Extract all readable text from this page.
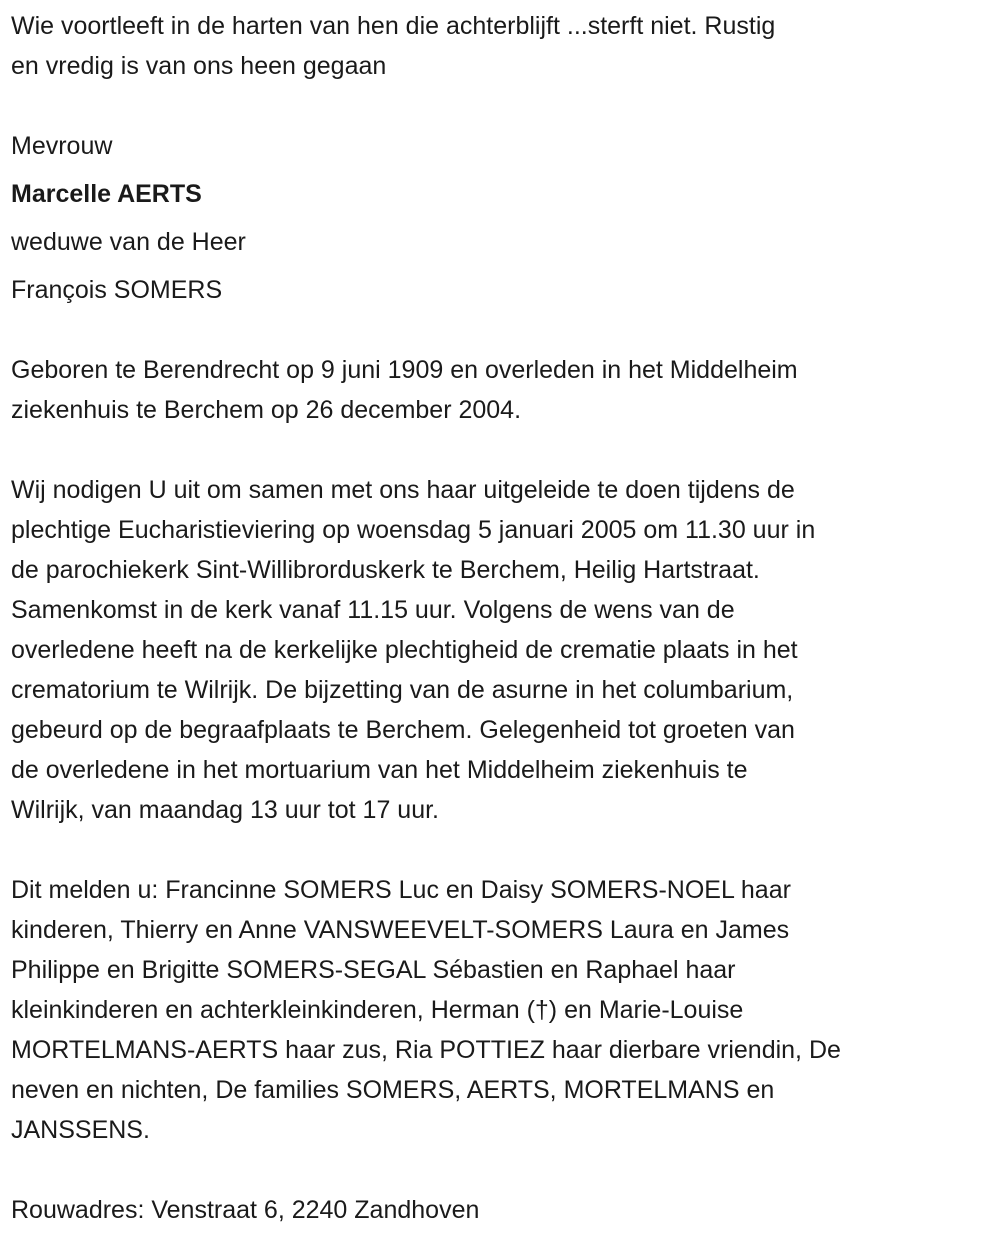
Wie voortleeft in de harten van hen die achterblijft ...sterft niet. Rustig
en vredig is van ons heen gegaan
Mevrouw
Marcelle AERTS
weduwe van de Heer
François SOMERS
Geboren te Berendrecht op 9 juni 1909 en overleden in het Middelheim
ziekenhuis te Berchem op 26 december 2004.
Wij nodigen U uit om samen met ons haar uitgeleide te doen tijdens de
plechtige Eucharistieviering op woensdag 5 januari 2005 om 11.30 uur in
de parochiekerk Sint-Willibrorduskerk te Berchem, Heilig Hartstraat.
Samenkomst in de kerk vanaf 11.15 uur. Volgens de wens van de
overledene heeft na de kerkelijke plechtigheid de crematie plaats in het
crematorium te Wilrijk. De bijzetting van de asurne in het columbarium,
gebeurd op de begraafplaats te Berchem. Gelegenheid tot groeten van
de overledene in het mortuarium van het Middelheim ziekenhuis te
Wilrijk, van maandag 13 uur tot 17 uur.
Dit melden u: Francinne SOMERS Luc en Daisy SOMERS-NOEL haar
kinderen, Thierry en Anne VANSWEEVELT-SOMERS Laura en James
Philippe en Brigitte SOMERS-SEGAL Sébastien en Raphael haar
kleinkinderen en achterkleinkinderen, Herman (†) en Marie-Louise
MORTELMANS-AERTS haar zus, Ria POTTIEZ haar dierbare vriendin, De
neven en nichten, De families SOMERS, AERTS, MORTELMANS en
JANSSENS.
Rouwadres: Venstraat 6, 2240 Zandhoven
